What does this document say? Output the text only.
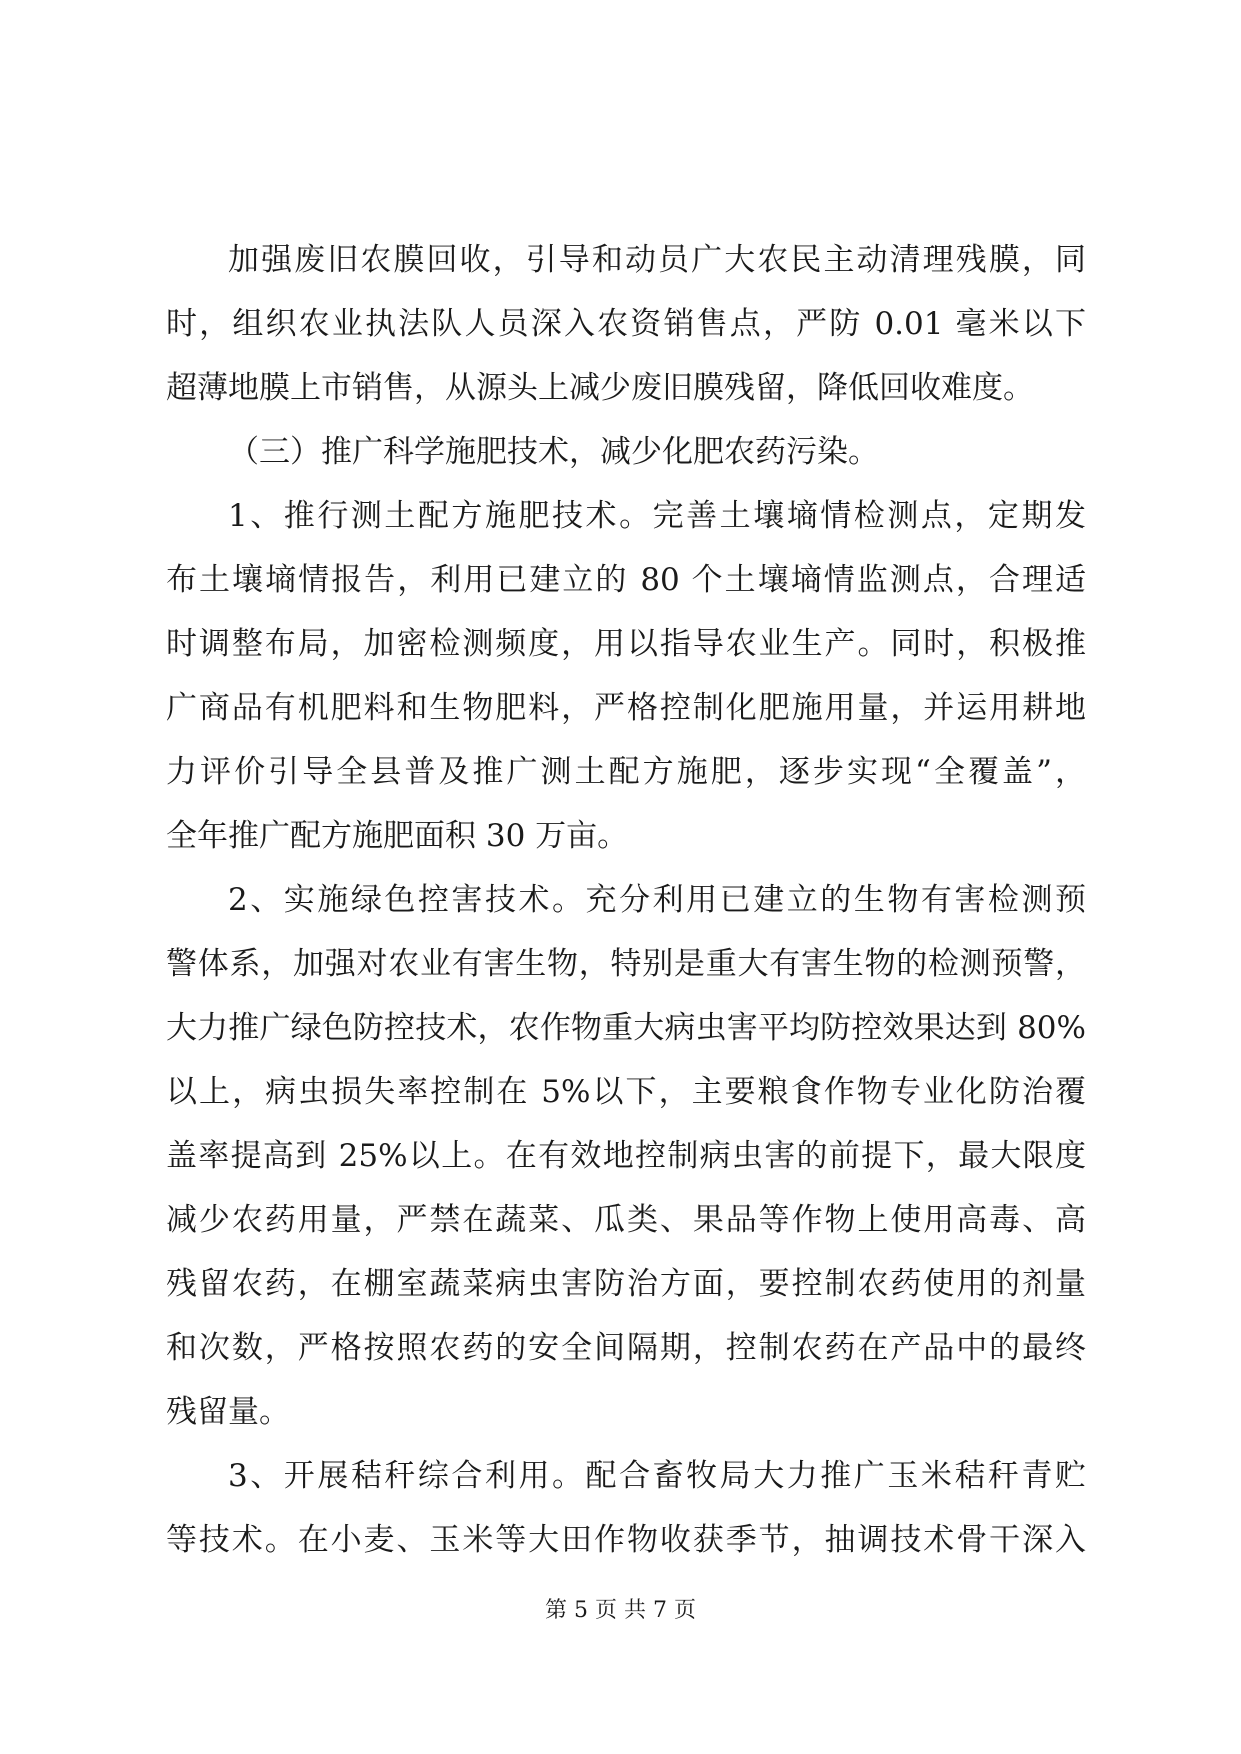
加强废旧农膜回收，引导和动员广大农民主动清理残膜，同
时，组织农业执法队人员深入农资销售点，严防 0.01 毫米以下
超薄地膜上市销售，从源头上减少废旧膜残留，降低回收难度。
（三）推广科学施肥技术，减少化肥农药污染。
1、推行测土配方施肥技术。完善土壤墒情检测点，定期发
布土壤墒情报告，利用已建立的 80 个土壤墒情监测点，合理适
时调整布局，加密检测频度，用以指导农业生产。同时，积极推
广商品有机肥料和生物肥料，严格控制化肥施用量，并运用耕地
力评价引导全县普及推广测土配方施肥，逐步实现“全覆盖”，
全年推广配方施肥面积 30 万亩。
2、实施绿色控害技术。充分利用已建立的生物有害检测预
警体系，加强对农业有害生物，特别是重大有害生物的检测预警，
大力推广绿色防控技术，农作物重大病虫害平均防控效果达到 80%
以上，病虫损失率控制在 5%以下，主要粮食作物专业化防治覆
盖率提高到 25%以上。在有效地控制病虫害的前提下，最大限度
减少农药用量，严禁在蔬菜、瓜类、果品等作物上使用高毒、高
残留农药，在棚室蔬菜病虫害防治方面，要控制农药使用的剂量
和次数，严格按照农药的安全间隔期，控制农药在产品中的最终
残留量。
3、开展秸秆综合利用。配合畜牧局大力推广玉米秸秆青贮
等技术。在小麦、玉米等大田作物收获季节，抽调技术骨干深入
第 5 页 共 7 页
